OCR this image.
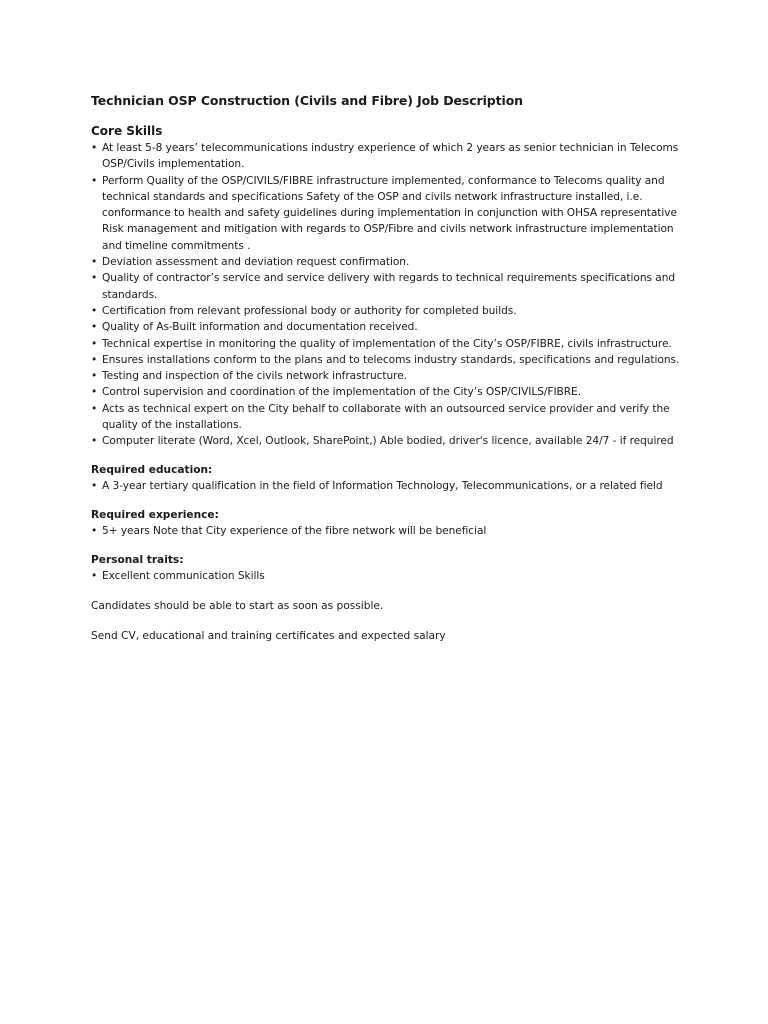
Technician OSP Construction (Civils and Fibre) Job Description
Core Skills
• At least 5-8 years’ telecommunications industry experience of which 2 years as senior technician in Telecoms OSP/Civils implementation.
• Perform Quality of the OSP/CIVILS/FIBRE infrastructure implemented, conformance to Telecoms quality and technical standards and specifications Safety of the OSP and civils network infrastructure installed, i.e. conformance to health and safety guidelines during implementation in conjunction with OHSA representative Risk management and mitigation with regards to OSP/Fibre and civils network infrastructure implementation and timeline commitments .
• Deviation assessment and deviation request confirmation.
• Quality of contractor’s service and service delivery with regards to technical requirements specifications and standards.
• Certification from relevant professional body or authority for completed builds.
• Quality of As-Built information and documentation received.
• Technical expertise in monitoring the quality of implementation of the City’s OSP/FIBRE, civils infrastructure.
• Ensures installations conform to the plans and to telecoms industry standards, specifications and regulations.
• Testing and inspection of the civils network infrastructure.
• Control supervision and coordination of the implementation of the City’s OSP/CIVILS/FIBRE.
• Acts as technical expert on the City behalf to collaborate with an outsourced service provider and verify the quality of the installations.
• Computer literate (Word, Xcel, Outlook, SharePoint,) Able bodied, driver's licence, available 24/7 - if required
Required education:
• A 3-year tertiary qualification in the field of Information Technology, Telecommunications, or a related field
Required experience:
• 5+ years Note that City experience of the fibre network will be beneficial
Personal traits:
• Excellent communication Skills

Candidates should be able to start as soon as possible.

Send CV, educational and training certificates and expected salary
